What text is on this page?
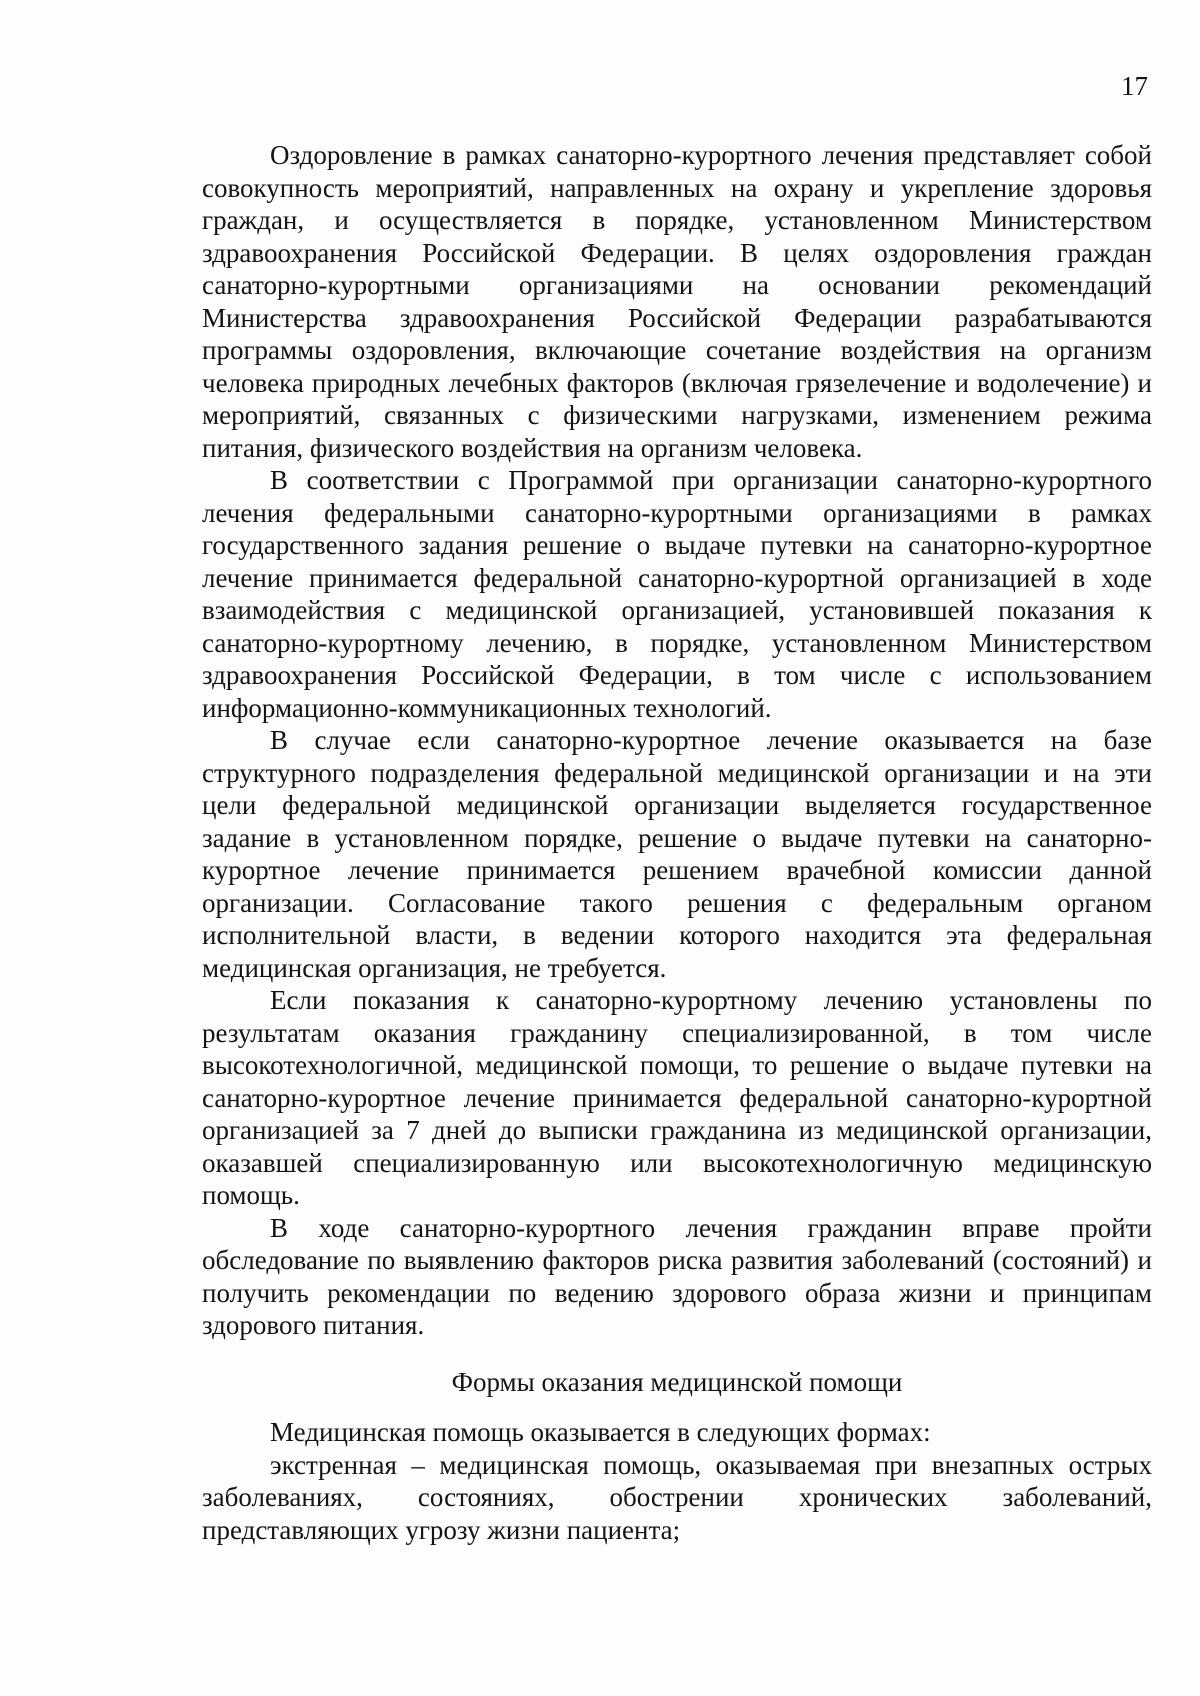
17

Оздоровление в рамках санаторно-курортного лечения представляет собой совокупность мероприятий, направленных на охрану и укрепление здоровья граждан, и осуществляется в порядке, установленном Министерством здравоохранения Российской Федерации. В целях оздоровления граждан санаторно-курортными организациями на основании рекомендаций Министерства здравоохранения Российской Федерации разрабатываются программы оздоровления, включающие сочетание воздействия на организм человека природных лечебных факторов (включая грязелечение и водолечение) и мероприятий, связанных с физическими нагрузками, изменением режима питания, физического воздействия на организм человека.

В соответствии с Программой при организации санаторно-курортного лечения федеральными санаторно-курортными организациями в рамках государственного задания решение о выдаче путевки на санаторно-курортное лечение принимается федеральной санаторно-курортной организацией в ходе взаимодействия с медицинской организацией, установившей показания к санаторно-курортному лечению, в порядке, установленном Министерством здравоохранения Российской Федерации, в том числе с использованием информационно-коммуникационных технологий.

В случае если санаторно-курортное лечение оказывается на базе структурного подразделения федеральной медицинской организации и на эти цели федеральной медицинской организации выделяется государственное задание в установленном порядке, решение о выдаче путевки на санаторно-курортное лечение принимается решением врачебной комиссии данной организации. Согласование такого решения с федеральным органом исполнительной власти, в ведении которого находится эта федеральная медицинская организация, не требуется.

Если показания к санаторно-курортному лечению установлены по результатам оказания гражданину специализированной, в том числе высокотехнологичной, медицинской помощи, то решение о выдаче путевки на санаторно-курортное лечение принимается федеральной санаторно-курортной организацией за 7 дней до выписки гражданина из медицинской организации, оказавшей специализированную или высокотехнологичную медицинскую помощь.

В ходе санаторно-курортного лечения гражданин вправе пройти обследование по выявлению факторов риска развития заболеваний (состояний) и получить рекомендации по ведению здорового образа жизни и принципам здорового питания.

Формы оказания медицинской помощи

Медицинская помощь оказывается в следующих формах:

экстренная – медицинская помощь, оказываемая при внезапных острых заболеваниях, состояниях, обострении хронических заболеваний, представляющих угрозу жизни пациента;
